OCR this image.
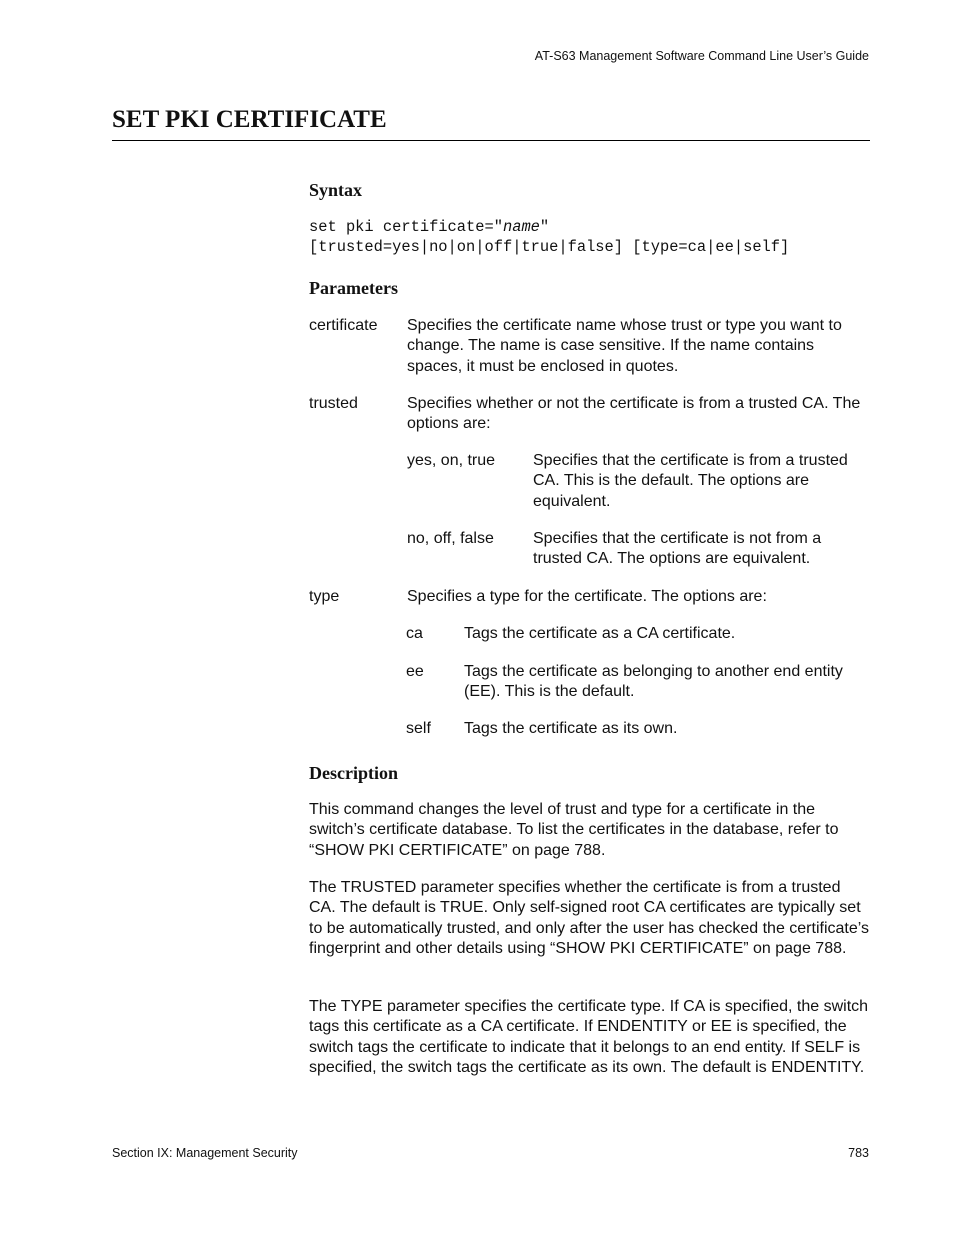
AT-S63 Management Software Command Line User’s Guide
SET PKI CERTIFICATE
Syntax
set pki certificate="name"
[trusted=yes|no|on|off|true|false] [type=ca|ee|self]
Parameters
certificate Specifies the certificate name whose trust or type you want to change. The name is case sensitive. If the name contains spaces, it must be enclosed in quotes.
trusted	Specifies whether or not the certificate is from a trusted CA. The options are:
yes, on, true Specifies that the certificate is from a trusted CA. This is the default. The options are equivalent.
no, off, false Specifies that the certificate is not from a trusted CA. The options are equivalent.
type	Specifies a type for the certificate. The options are:
ca	Tags the certificate as a CA certificate.
ee	Tags the certificate as belonging to another end entity (EE). This is the default.
self Tags the certificate as its own.
Description
This command changes the level of trust and type for a certificate in the switch’s certificate database. To list the certificates in the database, refer to “SHOW PKI CERTIFICATE” on page 788.
The TRUSTED parameter specifies whether the certificate is from a trusted CA. The default is TRUE. Only self-signed root CA certificates are typically set to be automatically trusted, and only after the user has checked the certificate’s fingerprint and other details using “SHOW PKI CERTIFICATE” on page 788.
The TYPE parameter specifies the certificate type. If CA is specified, the switch tags this certificate as a CA certificate. If ENDENTITY or EE is specified, the switch tags the certificate to indicate that it belongs to an end entity. If SELF is specified, the switch tags the certificate as its own. The default is ENDENTITY.
Section IX: Management Security	783
